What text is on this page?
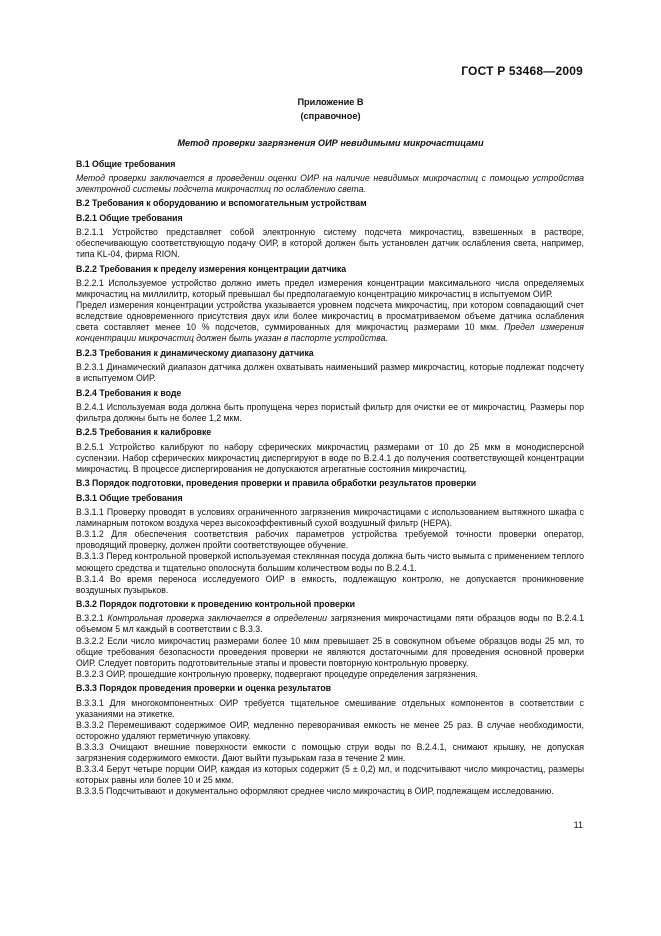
ГОСТ Р 53468—2009
Приложение В
(справочное)
Метод проверки загрязнения ОИР невидимыми микрочастицами
В.1 Общие требования

Метод проверки заключается в проведении оценки ОИР на наличие невидимых микрочастиц с помощью устройства электронной системы подсчета микрочастиц по ослаблению света.

В.2 Требования к оборудованию и вспомогательным устройствам
В.2.1 Общие требования

В.2.1.1 Устройство представляет собой электронную систему подсчета микрочастиц, взвешенных в растворе, обеспечивающую соответствующую подачу ОИР, в которой должен быть установлен датчик ослабления света, например, типа KL-04, фирма RION.

В.2.2 Требования к пределу измерения концентрации датчика

В.2.2.1 Используемое устройство должно иметь предел измерения концентрации максимального числа определяемых микрочастиц на миллилитр, который превышал бы предполагаемую концентрацию микрочастиц в испытуемом ОИР.

Предел измерения концентрации устройства указывается уровнем подсчета микрочастиц, при котором совпадающий счет вследствие одновременного присутствия двух или более микрочастиц в просматриваемом объеме датчика ослабления света составляет менее 10 % подсчетов, суммированных для микрочастиц размерами 10 мкм. Предел измерения концентрации микрочастиц должен быть указан в паспорте устройства.

В.2.3 Требования к динамическому диапазону датчика

В.2.3.1 Динамический диапазон датчика должен охватывать наименьший размер микрочастиц, которые подлежат подсчету в испытуемом ОИР.

В.2.4 Требования к воде

В.2.4.1 Используемая вода должна быть пропущена через пористый фильтр для очистки ее от микрочастиц. Размеры пор фильтра должны быть не более 1,2 мкм.

В.2.5 Требования к калибровке

В.2.5.1 Устройство калибруют по набору сферических микрочастиц размерами от 10 до 25 мкм в монодисперсной суспензии. Набор сферических микрочастиц диспергируют в воде по В.2.4.1 до получения соответствующей концентрации микрочастиц. В процессе диспергирования не допускаются агрегатные состояния микрочастиц.

В.3 Порядок подготовки, проведения проверки и правила обработки результатов проверки
В.3.1 Общие требования

В.3.1.1 Проверку проводят в условиях ограниченного загрязнения микрочастицами с использованием вытяжного шкафа с ламинарным потоком воздуха через высокоэффективный сухой воздушный фильтр (НЕРА).

В.3.1.2 Для обеспечения соответствия рабочих параметров устройства требуемой точности проверки оператор, проводящий проверку, должен пройти соответствующее обучение.

В.3.1.3 Перед контрольной проверкой используемая стеклянная посуда должна быть чисто вымыта с применением теплого моющего средства и тщательно ополоснута большим количеством воды по В.2.4.1.

В.3.1.4 Во время переноса исследуемого ОИР в емкость, подлежащую контролю, не допускается проникновение воздушных пузырьков.

В.3.2 Порядок подготовки к проведению контрольной проверки

В.3.2.1 Контрольная проверка заключается в определении загрязнения микрочастицами пяти образцов воды по В.2.4.1 объемом 5 мл каждый в соответствии с В.3.3.

В.3.2.2 Если число микрочастиц размерами более 10 мкм превышает 25 в совокупном объеме образцов воды 25 мл, то общие требования безопасности проведения проверки не являются достаточными для проведения основной проверки ОИР. Следует повторить подготовительные этапы и провести повторную контрольную проверку.

В.3.2.3 ОИР, прошедшие контрольную проверку, подвергают процедуре определения загрязнения.

В.3.3 Порядок проведения проверки и оценка результатов

В.3.3.1 Для многокомпонентных ОИР требуется тщательное смешивание отдельных компонентов в соответствии с указаниями на этикетке.

В.3.3.2 Перемешивают содержимое ОИР, медленно переворачивая емкость не менее 25 раз. В случае необходимости, осторожно удаляют герметичную упаковку.

В.3.3.3 Очищают внешние поверхности емкости с помощью струи воды по В.2.4.1, снимают крышку, не допуская загрязнения содержимого емкости. Дают выйти пузырькам газа в течение 2 мин.

В.3.3.4 Берут четыре порции ОИР, каждая из которых содержит (5 ± 0,2) мл, и подсчитывают число микрочастиц, размеры которых равны или более 10 и 25 мкм.

В.3.3.5 Подсчитывают и документально оформляют среднее число микрочастиц в ОИР, подлежащем исследованию.

11
